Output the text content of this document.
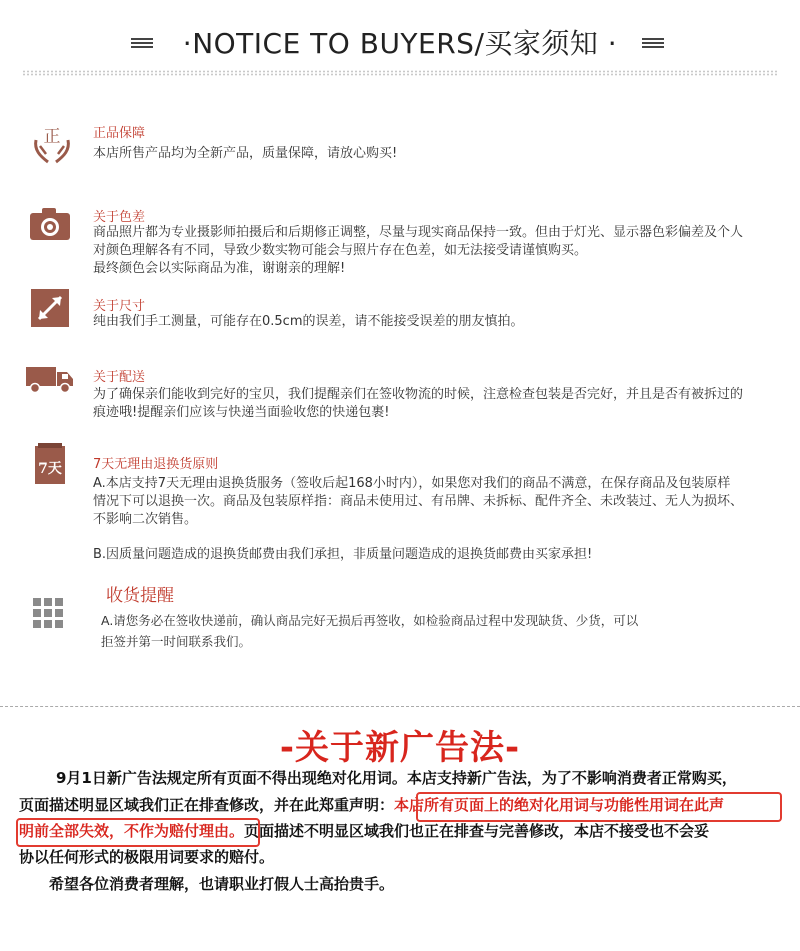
·NOTICE TO BUYERS/买家须知 ·
正	正品保障
本店所售产品均为全新产品，质量保障，请放心购买!
关于色差
商品照片都为专业摄影师拍摄后和后期修正调整，尽量与现实商品保持一致。但由于灯光、显示器色彩偏差及个人
对颜色理解各有不同，导致少数实物可能会与照片存在色差，如无法接受请谨慎购买。
最终颜色会以实际商品为准，谢谢亲的理解!
关于尺寸
纯由我们手工测量，可能存在0.5cm的误差，请不能接受误差的朋友慎拍。
关于配送
为了确保亲们能收到完好的宝贝，我们提醒亲们在签收物流的时候，注意检查包装是否完好，并且是否有被拆过的
痕迹哦!提醒亲们应该与快递当面验收您的快递包裹!
7天 7天无理由退换货原则
A.本店支持7天无理由退换货服务（签收后起168小时内），如果您对我们的商品不满意，在保存商品及包装原样
情况下可以退换一次。商品及包装原样指：商品未使用过、有吊牌、未拆标、配件齐全、未改装过、无人为损坏、
不影响二次销售。
B.因质量问题造成的退换货邮费由我们承担，非质量问题造成的退换货邮费由买家承担!
收货提醒
A.请您务必在签收快递前，确认商品完好无损后再签收，如检验商品过程中发现缺货、少货，可以
拒签并第一时间联系我们。
-关于新广告法-
9月1日新广告法规定所有页面不得出现绝对化用词。本店支持新广告法，为了不影响消费者正常购买，
页面描述明显区域我们正在排查修改，并在此郑重声明：本店所有页面上的绝对化用词与功能性用词在此声
明前全部失效，不作为赔付理由。页面描述不明显区域我们也正在排查与完善修改，本店不接受也不会妥
协以任何形式的极限用词要求的赔付。
希望各位消费者理解，也请职业打假人士高抬贵手。
